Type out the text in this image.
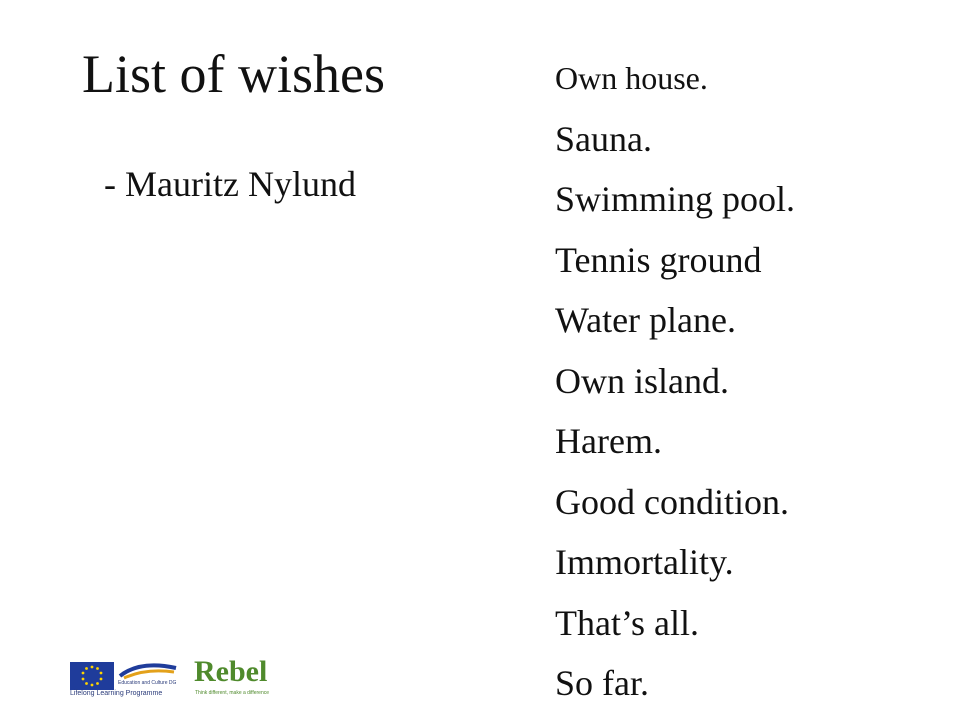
List of wishes
- Mauritz Nylund
Own house.
Sauna.
Swimming pool.
Tennis ground
Water plane.
Own island.
Harem.
Good condition.
Immortality.
That’s all.
So far.
Education and Culture DG
Lifelong Learning Programme
Rebel
Think different, make a difference
